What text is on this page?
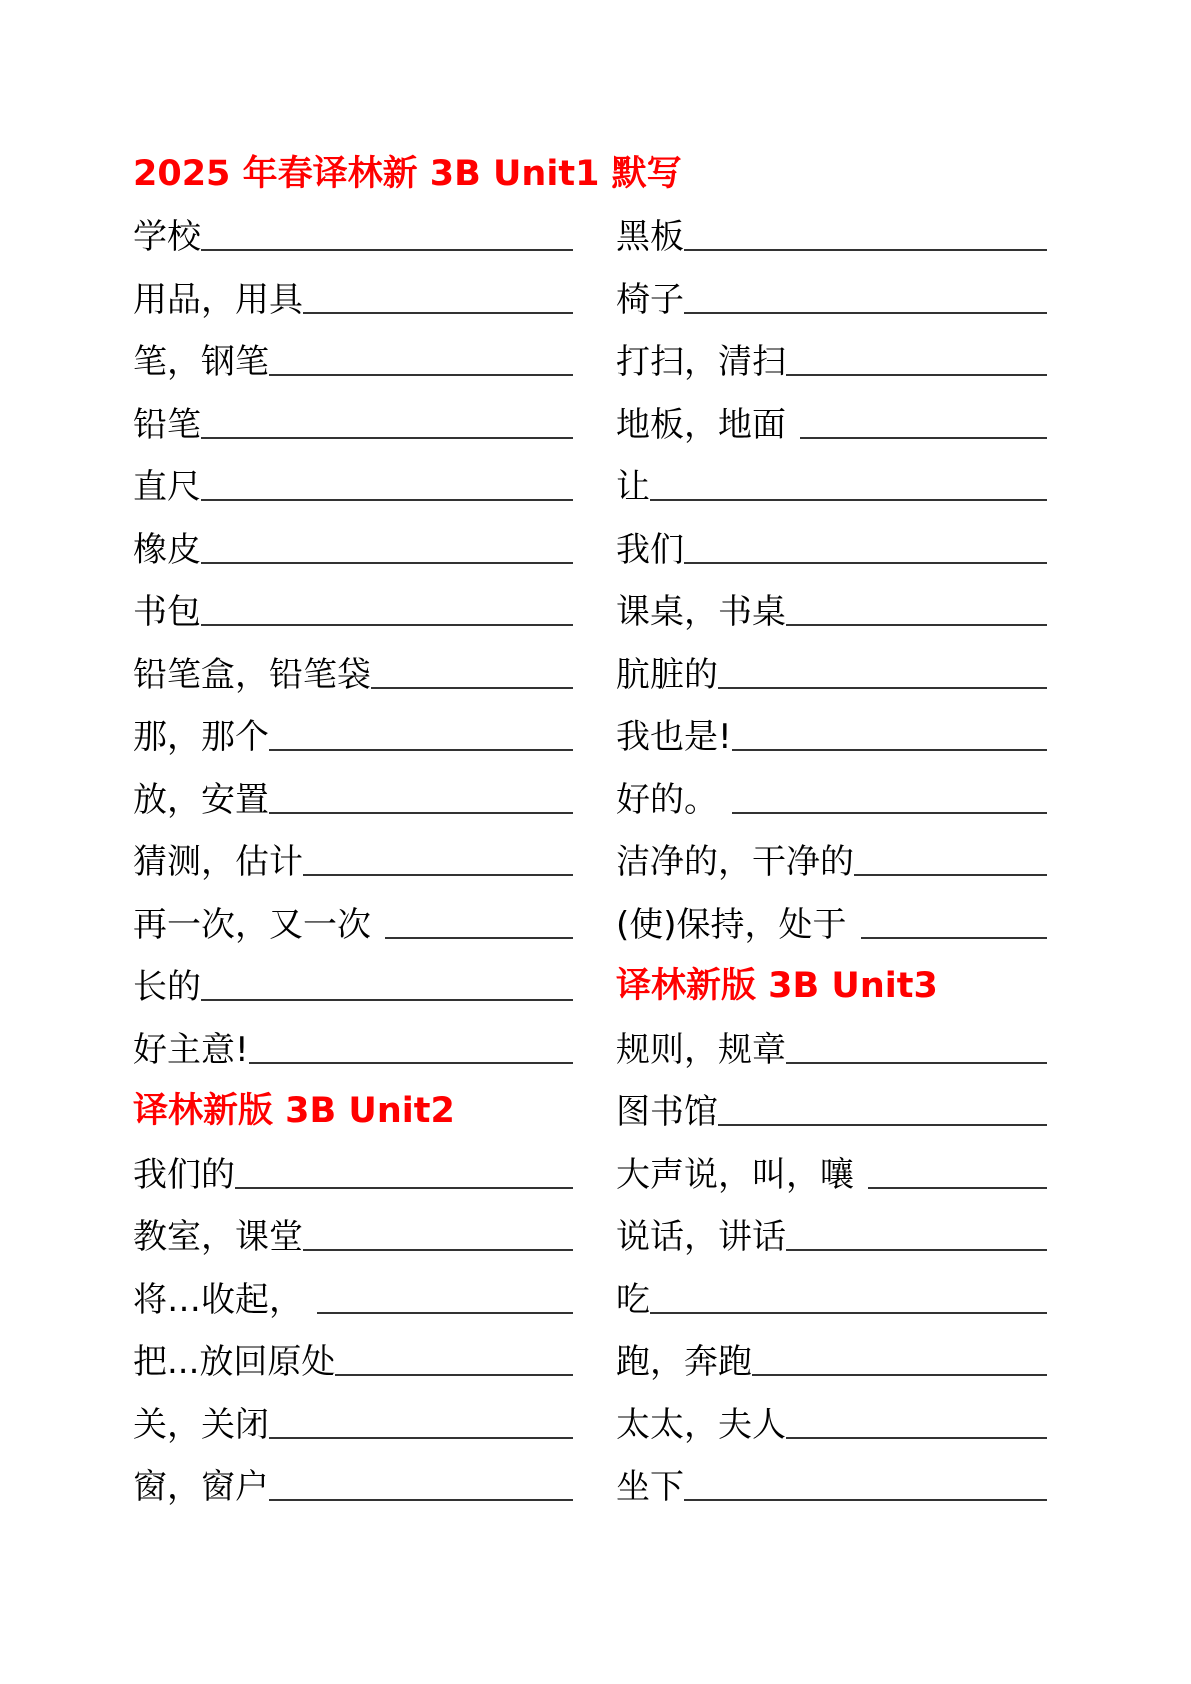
2025 年春译林新 3B Unit1 默写
学校
用品，用具
笔，钢笔
铅笔
直尺
橡皮
书包
铅笔盒，铅笔袋
那，那个
放，安置
猜测，估计
再一次，又一次
长的
好主意!
译林新版 3B Unit2
我们的
教室，课堂
将…收起，
把...放回原处
关，关闭
窗，窗户
黑板
椅子
打扫，清扫
地板，地面
让
我们
课桌，书桌
肮脏的
我也是!
好的。
洁净的，干净的
(使)保持，处于
译林新版 3B Unit3
规则，规章
图书馆
大声说，叫，嚷
说话，讲话
吃
跑，奔跑
太太，夫人
坐下
